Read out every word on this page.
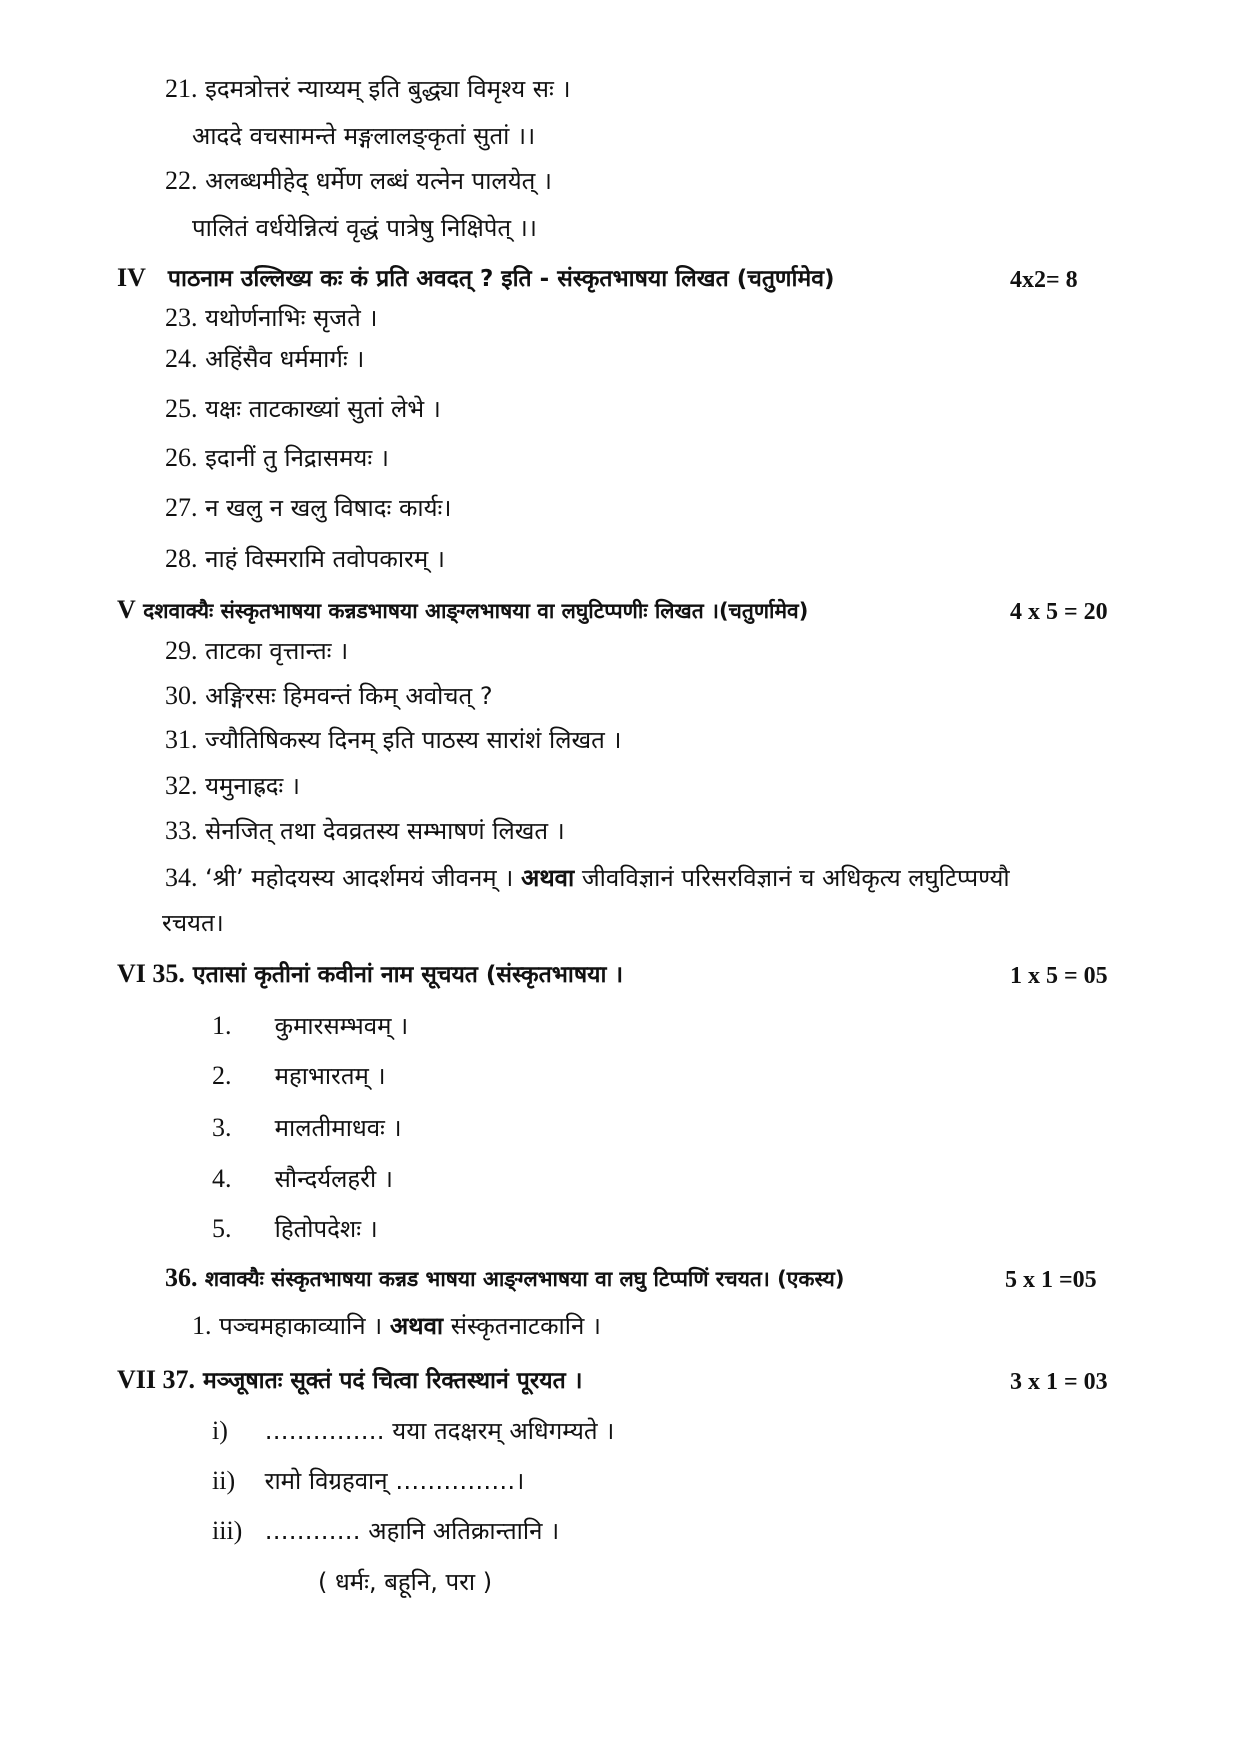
21. इदमत्रोत्तरं न्याय्यम् इति बुद्ध्या विमृश्य सः ।
आददे वचसामन्ते मङ्गलालङ्कृतां सुतां ।।
22. अलब्धमीहेद् धर्मेण लब्धं यत्नेन पालयेत् ।
पालितं वर्धयेन्नित्यं वृद्धं पात्रेषु निक्षिपेत् ।।
IV पाठनाम उल्लिख्य कः कं प्रति अवदत् ? इति - संस्कृतभाषया लिखत (चतुर्णामेव)	4x2= 8
23. यथोर्णनाभिः सृजते ।
24. अहिंसैव धर्ममार्गः ।
25. यक्षः ताटकाख्यां सुतां लेभे ।
26. इदानीं तु निद्रासमयः ।
27. न खलु न खलु विषादः कार्यः।
28. नाहं विस्मरामि तवोपकारम् ।
V दशवाक्यैः संस्कृतभाषया कन्नडभाषया आङ्ग्लभाषया वा लघुटिप्पणीः लिखत ।(चतुर्णामेव)	4 x 5 = 20
29. ताटका वृत्तान्तः ।
30. अङ्गिरसः हिमवन्तं किम् अवोचत् ?
31. ज्यौतिषिकस्य दिनम् इति पाठस्य सारांशं लिखत ।
32. यमुनाह्रदः ।
33. सेनजित् तथा देवव्रतस्य सम्भाषणं लिखत ।
34. ‘श्री’ महोदयस्य आदर्शमयं जीवनम् । अथवा जीवविज्ञानं परिसरविज्ञानं च अधिकृत्य लघुटिप्पण्यौ
रचयत।
VI 35. एतासां कृतीनां कवीनां नाम सूचयत (संस्कृतभाषया ।	1 x 5 = 05
1. कुमारसम्भवम् ।
2. महाभारतम् ।
3. मालतीमाधवः ।
4. सौन्दर्यलहरी ।
5. हितोपदेशः ।
36. शवाक्यैः संस्कृतभाषया कन्नड भाषया आङ्ग्लभाषया वा लघु टिप्पणिं रचयत। (एकस्य)	5 x 1 =05
1. पञ्चमहाकाव्यानि । अथवा संस्कृतनाटकानि ।
VII 37. मञ्जूषातः सूक्तं पदं चित्वा रिक्तस्थानं पूरयत ।	3 x 1 = 03
i) …………… यया तदक्षरम् अधिगम्यते ।
ii) रामो विग्रहवान् ……………।
iii) ………… अहानि अतिक्रान्तानि ।
( धर्मः, बहूनि, परा )
